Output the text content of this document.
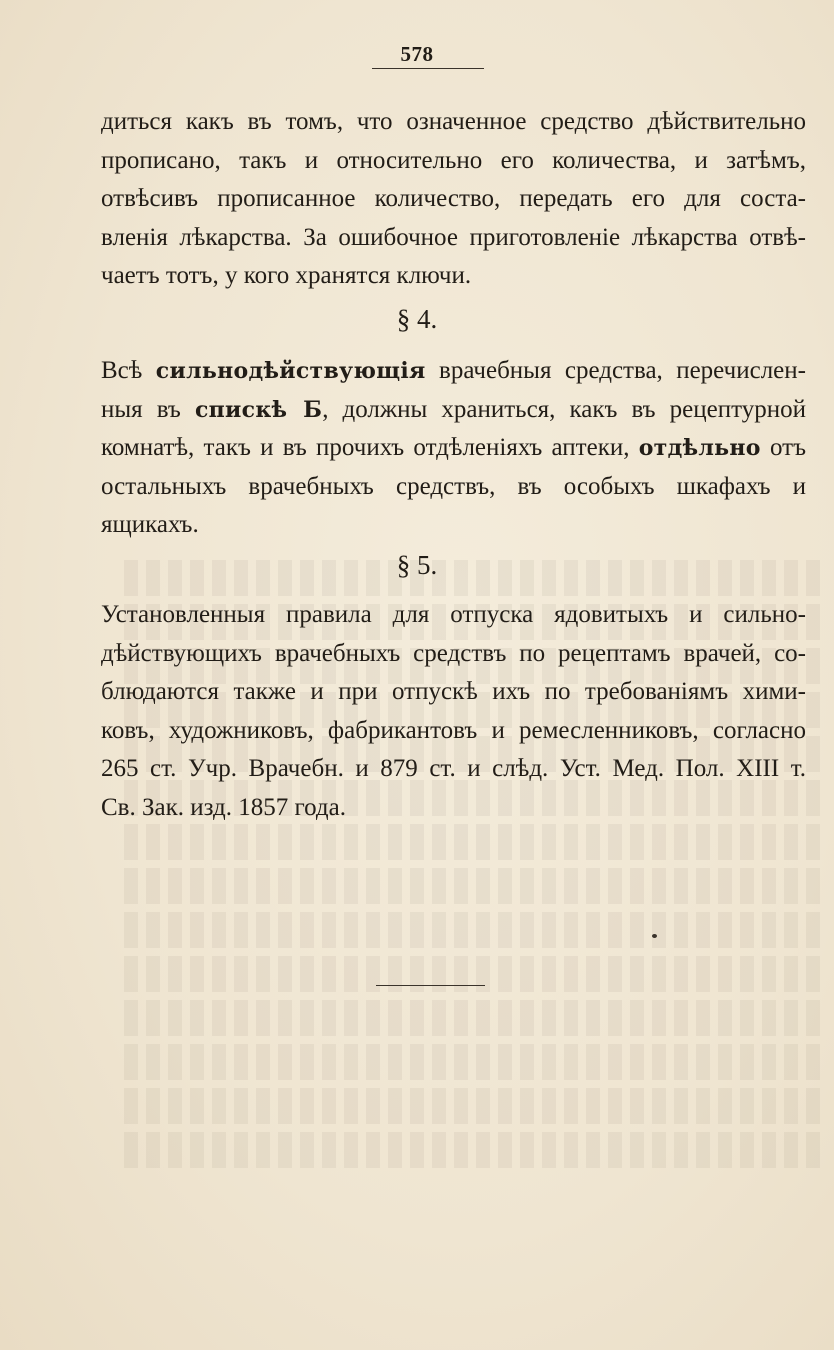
578
диться какъ въ томъ, что означенное средство дѣйствительно
прописано, такъ и относительно его количества, и затѣмъ,
отвѣсивъ прописанное количество, передать его для соста-
вленія лѣкарства. За ошибочное приготовленіе лѣкарства отвѣ-
чаетъ тотъ, у кого хранятся ключи.
§ 4.
Всѣ сильнодѣйствующія врачебныя средства, перечислен-
ныя въ спискѣ Б, должны храниться, какъ въ рецептурной
комнатѣ, такъ и въ прочихъ отдѣленіяхъ аптеки, отдѣльно отъ
остальныхъ врачебныхъ средствъ, въ особыхъ шкафахъ и
ящикахъ.
§ 5.
Установленныя правила для отпуска ядовитыхъ и сильно-
дѣйствующихъ врачебныхъ средствъ по рецептамъ врачей, со-
блюдаются также и при отпускѣ ихъ по требованіямъ хими-
ковъ, художниковъ, фабрикантовъ и ремесленниковъ, согласно
265 ст. Учр. Врачебн. и 879 ст. и слѣд. Уст. Мед. Пол. XIII т.
Св. Зак. изд. 1857 года.
